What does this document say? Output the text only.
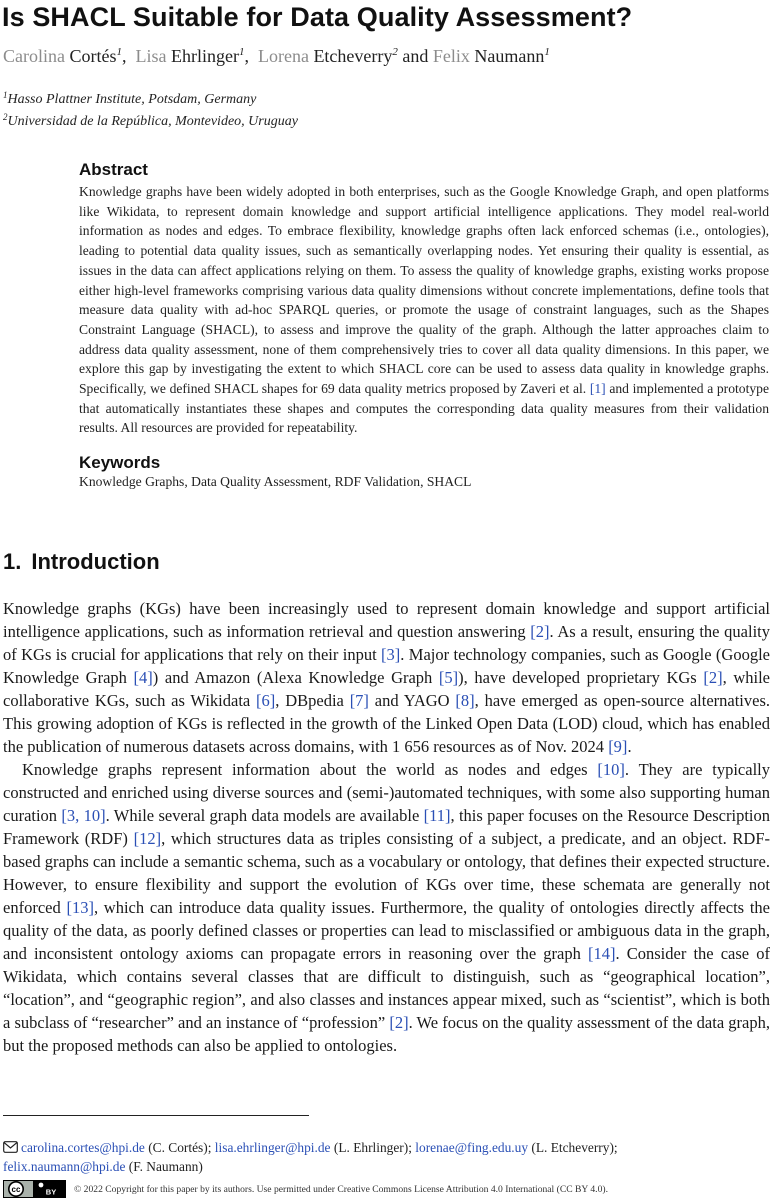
Is SHACL Suitable for Data Quality Assessment?
Carolina Cortés$^1$,  Lisa Ehrlinger$^1$,  Lorena Etcheverry$^2$ and Felix Naumann$^1$
$^1$Hasso Plattner Institute, Potsdam, Germany
$^2$Universidad de la República, Montevideo, Uruguay
Abstract
Knowledge graphs have been widely adopted in both enterprises, such as the Google Knowledge Graph, and open platforms like Wikidata, to represent domain knowledge and support artificial intelligence applications. They model real-world information as nodes and edges. To embrace flexibility, knowledge graphs often lack enforced schemas (i.e., ontologies), leading to potential data quality issues, such as semantically overlapping nodes. Yet ensuring their quality is essential, as issues in the data can affect applications relying on them. To assess the quality of knowledge graphs, existing works propose either high-level frameworks comprising various data quality dimensions without concrete implementations, define tools that measure data quality with ad-hoc SPARQL queries, or promote the usage of constraint languages, such as the Shapes Constraint Language (SHACL), to assess and improve the quality of the graph. Although the latter approaches claim to address data quality assessment, none of them comprehensively tries to cover all data quality dimensions. In this paper, we explore this gap by investigating the extent to which SHACL core can be used to assess data quality in knowledge graphs. Specifically, we defined SHACL shapes for 69 data quality metrics proposed by Zaveri et al. [1] and implemented a prototype that automatically instantiates these shapes and computes the corresponding data quality measures from their validation results. All resources are provided for repeatability.
Keywords
Knowledge Graphs, Data Quality Assessment, RDF Validation, SHACL
1. Introduction

Knowledge graphs (KGs) have been increasingly used to represent domain knowledge and support artificial intelligence applications, such as information retrieval and question answering [2]. As a result, ensuring the quality of KGs is crucial for applications that rely on their input [3]. Major technology companies, such as Google (Google Knowledge Graph [4]) and Amazon (Alexa Knowledge Graph [5]), have developed proprietary KGs [2], while collaborative KGs, such as Wikidata [6], DBpedia [7] and YAGO [8], have emerged as open-source alternatives. This growing adoption of KGs is reflected in the growth of the Linked Open Data (LOD) cloud, which has enabled the publication of numerous datasets across domains, with 1 656 resources as of Nov. 2024 [9].

Knowledge graphs represent information about the world as nodes and edges [10]. They are typically constructed and enriched using diverse sources and (semi-)automated techniques, with some also supporting human curation [3, 10]. While several graph data models are available [11], this paper focuses on the Resource Description Framework (RDF) [12], which structures data as triples consisting of a subject, a predicate, and an object. RDF-based graphs can include a semantic schema, such as a vocabulary or ontology, that defines their expected structure. However, to ensure flexibility and support the evolution of KGs over time, these schemata are generally not enforced [13], which can introduce data quality issues. Furthermore, the quality of ontologies directly affects the quality of the data, as poorly defined classes or properties can lead to misclassified or ambiguous data in the graph, and inconsistent ontology axioms can propagate errors in reasoning over the graph [14]. Consider the case of Wikidata, which contains several classes that are difficult to distinguish, such as “geographical location”, “location”, and “geographic region”, and also classes and instances appear mixed, such as “scientist”, which is both a subclass of “researcher” and an instance of “profession” [2]. We focus on the quality assessment of the data graph, but the proposed methods can also be applied to ontologies.

carolina.cortes@hpi.de (C. Cortés); lisa.ehrlinger@hpi.de (L. Ehrlinger); lorenae@fing.edu.uy (L. Etcheverry);
felix.naumann@hpi.de (F. Naumann)
cc	BY © 2022 Copyright for this paper by its authors. Use permitted under Creative Commons License Attribution 4.0 International (CC BY 4.0).
